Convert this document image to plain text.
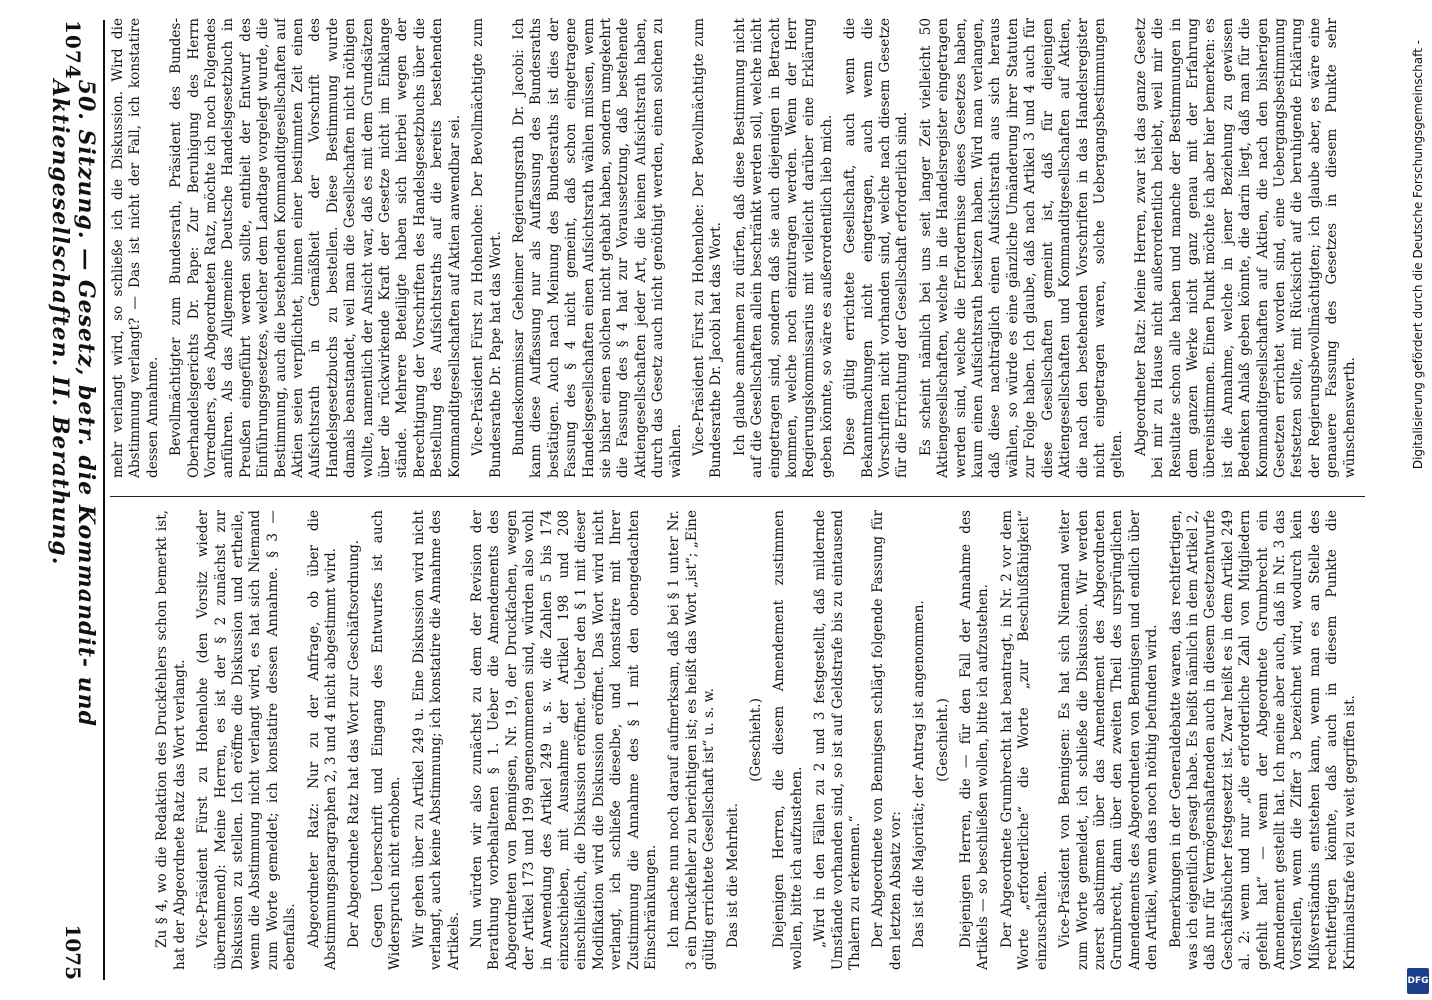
1074
50. Sitzung. — Gesetz, betr. die Kommandit- und Aktiengesellschaften. II. Berathung.
1075

Bemerkungen in der Generaldebatte waren, das rechtfertigen, was ich eigentlich gesagt habe. Es heißt nämlich in dem Artikel 2, daß nur für Vermögenshaftenden auch in diesem Gesetzentwurfe Geschäftsbücher festgesetzt ist. Zwar heißt es in dem Artikel 249 al. 2: wenn und nur „die erforderliche Zahl von Mitgliedern gefehlt hat“ — wenn der Abgeordnete Grumbrecht ein Amendement gestellt hat. Ich meine aber auch, daß in Nr. 3 das Vorstellen, wenn die Ziffer 3 bezeichnet wird, wodurch kein Mißverständnis entstehen kann, wenn man es an Stelle des rechtfertigen könnte, daß auch in diesem Punkte die Kriminalstrafe viel zu weit gegriffen ist.

Vice-Präsident von Bennigsen: Es hat sich Niemand weiter zum Worte gemeldet, ich schließe die Diskussion. Wir werden zuerst abstimmen über das Amendement des Abgeordneten Grumbrecht, dann über den zweiten Theil des ursprünglichen Amendements des Abgeordneten von Bennigsen und endlich über den Artikel, wenn das noch nöthig befunden wird.

Der Abgeordnete Grumbrecht hat beantragt, in Nr. 2 vor dem Worte „erforderliche“ die Worte „zur Beschlußfähigkeit“ einzuschalten.

Diejenigen Herren, die — für den Fall der Annahme des Artikels — so beschließen wollen, bitte ich aufzustehen.

(Geschieht.)

Das ist die Majorität; der Antrag ist angenommen.

Der Abgeordnete von Bennigsen schlägt folgende Fassung für den letzten Absatz vor:

„Wird in den Fällen zu 2 und 3 festgestellt, daß mildernde Umstände vorhanden sind, so ist auf Geldstrafe bis zu eintausend Thalern zu erkennen.“

Diejenigen Herren, die diesem Amendement zustimmen wollen, bitte ich aufzustehen.

(Geschieht.)

Das ist die Mehrheit.

Ich mache nun noch darauf aufmerksam, daß bei § 1 unter Nr. 3 ein Druckfehler zu berichtigen ist; es heißt das Wort „ist“; „Eine gültig errichtete Gesellschaft ist“ u. s. w.

Nun würden wir also zunächst zu dem der Revision der Berathung vorbehaltenen § 1. Ueber die Amendements des Abgeordneten von Bennigsen, Nr. 19, der Druckfachen, wegen der Artikel 173 und 199 angenommenen sind, würden also wohl in Anwendung des Artikel 249 u. s. w. die Zahlen 5 bis 174 einzuschieben, mit Ausnahme der Artikel 198 und 208 einschließlich, die Diskussion eröffnet. Ueber den § 1 mit dieser Modifikation wird die Diskussion eröffnet. Das Wort wird nicht verlangt, ich schließe dieselbe, und konstatire mit Ihrer Zustimmung die Annahme des § 1 mit den obengedachten Einschränkungen.

Wir gehen über zu Artikel 249 u. Eine Diskussion wird nicht verlangt, auch keine Abstimmung; ich konstatire die Annahme des Artikels.

Gegen Ueberschrift und Eingang des Entwurfes ist auch Widerspruch nicht erhoben.

Der Abgeordnete Ratz hat das Wort zur Geschäftsordnung.

Abgeordneter Ratz: Nur zu der Anfrage, ob über die Abstimmungsparagraphen 2, 3 und 4 nicht abgestimmt wird.

Vice-Präsident Fürst zu Hohenlohe (den Vorsitz wieder übernehmend): Meine Herren, es ist der § 2 zunächst zur Diskussion zu stellen. Ich eröffne die Diskussion und ertheile, wenn die Abstimmung nicht verlangt wird, es hat sich Niemand zum Worte gemeldet; ich konstatire dessen Annahme. § 3 — ebenfalls.

Zu § 4, wo die Redaktion des Druckfehlers schon bemerkt ist, hat der Abgeordnete Ratz das Wort verlangt.

Abgeordneter Ratz: Meine Herren, zwar ist das ganze Gesetz bei mir zu Hause nicht außerordentlich beliebt, weil mir die Resultate schon alle haben und manche der Bestimmungen in dem ganzen Werke nicht ganz genau mit der Erfahrung übereinstimmen. Einen Punkt möchte ich aber hier bemerken: es ist die Annahme, welche in jener Beziehung zu gewissen Bedenken Anlaß geben könnte, die darin liegt, daß man für die Kommanditgesellschaften auf Aktien, die nach den bisherigen Gesetzen errichtet worden sind, eine Uebergangsbestimmung festsetzen sollte, mit Rücksicht auf die beruhigende Erklärung der Regierungsbevollmächtigten; ich glaube aber, es wäre eine genauere Fassung des Gesetzes in diesem Punkte sehr wünschenswerth.

Es scheint nämlich bei uns seit langer Zeit vielleicht 50 Aktiengesellschaften, welche in die Handelsregister eingetragen werden sind, welche die Erfordernisse dieses Gesetzes haben, kaum einen Aufsichtsrath besitzen haben. Wird man verlangen, daß diese nachträglich einen Aufsichtsrath aus sich heraus wählen, so würde es eine gänzliche Umänderung ihrer Statuten zur Folge haben. Ich glaube, daß nach Artikel 3 und 4 auch für diese Gesellschaften gemeint ist, daß für diejenigen Aktiengesellschaften und Kommanditgesellschaften auf Aktien, die nach den bestehenden Vorschriften in das Handelsregister nicht eingetragen waren, solche Uebergangsbestimmungen gelten.

Diese gültig errichtete Gesellschaft, auch wenn die Bekanntmachungen nicht eingetragen, auch wenn die Vorschriften nicht vorhanden sind, welche nach diesem Gesetze für die Errichtung der Gesellschaft erforderlich sind.

Ich glaube annehmen zu dürfen, daß diese Bestimmung nicht auf die Gesellschaften allein beschränkt werden soll, welche nicht eingetragen sind, sondern daß sie auch diejenigen in Betracht kommen, welche noch einzutragen werden. Wenn der Herr Regierungskommissarius mit vielleicht darüber eine Erklärung geben könnte, so wäre es außerordentlich lieb mich.

Vice-Präsident Fürst zu Hohenlohe: Der Bevollmächtigte zum Bundesrathe Dr. Jacobi hat das Wort.

Bundeskommissar Geheimer Regierungsrath Dr. Jacobi: Ich kann diese Auffassung nur als Auffassung des Bundesraths bestätigen. Auch nach Meinung des Bundesraths ist dies der Fassung des § 4 nicht gemeint, daß schon eingetragene Handelsgesellschaften einen Aufsichtsrath wählen müssen, wenn sie bisher einen solchen nicht gehabt haben, sondern umgekehrt die Fassung des § 4 hat zur Voraussetzung, daß bestehende Aktiengesellschaften jeder Art, die keinen Aufsichtsrath haben, durch das Gesetz auch nicht genöthigt werden, einen solchen zu wählen.

Vice-Präsident Fürst zu Hohenlohe: Der Bevollmächtigte zum Bundesrathe Dr. Pape hat das Wort.

Bevollmächtigter zum Bundesrath, Präsident des Bundes-Oberhandelsgerichts Dr. Pape: Zur Beruhigung des Herrn Vorredners, des Abgeordneten Ratz, möchte ich noch Folgendes anführen. Als das Allgemeine Deutsche Handelsgesetzbuch in Preußen eingeführt werden sollte, enthielt der Entwurf des Einführungsgesetzes, welcher dem Landtage vorgelegt wurde, die Bestimmung, auch die bestehenden Kommanditgesellschaften auf Aktien seien verpflichtet, binnen einer bestimmten Zeit einen Aufsichtsrath in Gemäßheit der Vorschrift des Handelsgesetzbuchs zu bestellen. Diese Bestimmung wurde damals beanstandet, weil man die Gesellschaften nicht nöthigen wollte, namentlich der Ansicht war, daß es mit dem Grundsätzen über die rückwirkende Kraft der Gesetze nicht im Einklange stände. Mehrere Beteiligte haben sich hierbei wegen der Berechtigung der Vorschriften des Handelsgesetzbuchs über die Bestellung des Aufsichtsraths auf die bereits bestehenden Kommanditgesellschaften auf Aktien anwendbar sei.

mehr verlangt wird, so schließe ich die Diskussion. Wird die Abstimmung verlangt? — Das ist nicht der Fall, ich konstatire dessen Annahme.	Digitalisierung gefördert durch die Deutsche Forschungsgemeinschaft -
DFG
